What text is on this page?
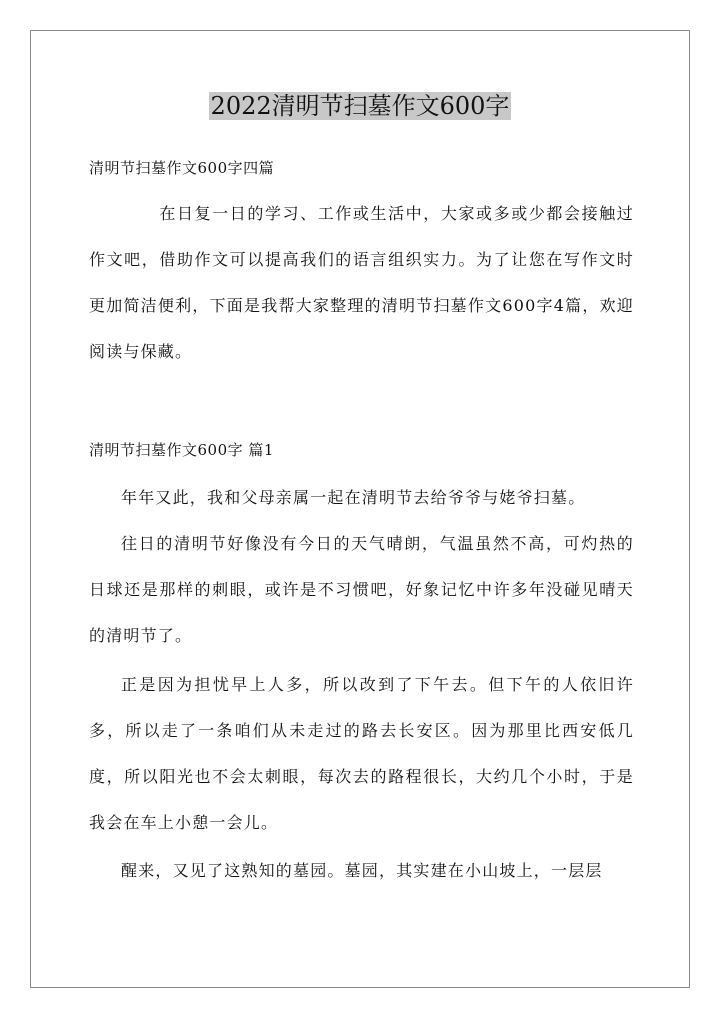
2022清明节扫墓作文600字
清明节扫墓作文600字四篇

在日复一日的学习、工作或生活中，大家或多或少都会接触过作文吧，借助作文可以提高我们的语言组织实力。为了让您在写作文时更加简洁便利，下面是我帮大家整理的清明节扫墓作文600字4篇，欢迎阅读与保藏。

清明节扫墓作文600字 篇1

年年又此，我和父母亲属一起在清明节去给爷爷与姥爷扫墓。

往日的清明节好像没有今日的天气晴朗，气温虽然不高，可灼热的日球还是那样的刺眼，或许是不习惯吧，好象记忆中许多年没碰见晴天的清明节了。

正是因为担忧早上人多，所以改到了下午去。但下午的人依旧许多，所以走了一条咱们从未走过的路去长安区。因为那里比西安低几度，所以阳光也不会太刺眼，每次去的路程很长，大约几个小时，于是我会在车上小憩一会儿。

醒来，又见了这熟知的墓园。墓园，其实建在小山坡上，一层层
